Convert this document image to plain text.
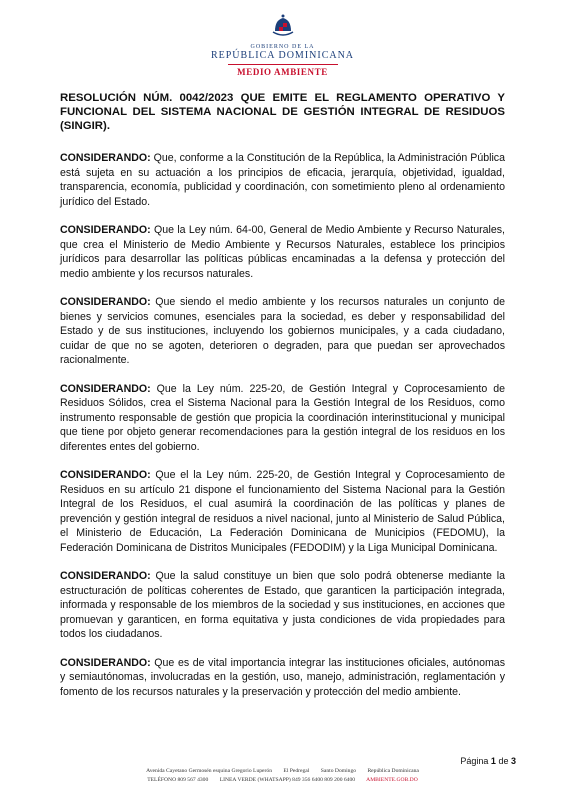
GOBIERNO DE LA
REPÚBLICA DOMINICANA
MEDIO AMBIENTE
RESOLUCIÓN NÚM. 0042/2023 QUE EMITE EL REGLAMENTO OPERATIVO Y FUNCIONAL DEL SISTEMA NACIONAL DE GESTIÓN INTEGRAL DE RESIDUOS (SINGIR).

CONSIDERANDO: Que, conforme a la Constitución de la República, la Administración Pública está sujeta en su actuación a los principios de eficacia, jerarquía, objetividad, igualdad, transparencia, economía, publicidad y coordinación, con sometimiento pleno al ordenamiento jurídico del Estado.

CONSIDERANDO: Que la Ley núm. 64-00, General de Medio Ambiente y Recurso Naturales, que crea el Ministerio de Medio Ambiente y Recursos Naturales, establece los principios jurídicos para desarrollar las políticas públicas encaminadas a la defensa y protección del medio ambiente y los recursos naturales.

CONSIDERANDO: Que siendo el medio ambiente y los recursos naturales un conjunto de bienes y servicios comunes, esenciales para la sociedad, es deber y responsabilidad del Estado y de sus instituciones, incluyendo los gobiernos municipales, y a cada ciudadano, cuidar de que no se agoten, deterioren o degraden, para que puedan ser aprovechados racionalmente.

CONSIDERANDO: Que la Ley núm. 225-20, de Gestión Integral y Coprocesamiento de Residuos Sólidos, crea el Sistema Nacional para la Gestión Integral de los Residuos, como instrumento responsable de gestión que propicia la coordinación interinstitucional y municipal que tiene por objeto generar recomendaciones para la gestión integral de los residuos en los diferentes entes del gobierno.

CONSIDERANDO: Que el la Ley núm. 225-20, de Gestión Integral y Coprocesamiento de Residuos en su artículo 21 dispone el funcionamiento del Sistema Nacional para la Gestión Integral de los Residuos, el cual asumirá la coordinación de las políticas y planes de prevención y gestión integral de residuos a nivel nacional, junto al Ministerio de Salud Pública, el Ministerio de Educación, La Federación Dominicana de Municipios (FEDOMU), la Federación Dominicana de Distritos Municipales (FEDODIM) y la Liga Municipal Dominicana.

CONSIDERANDO: Que la salud constituye un bien que solo podrá obtenerse mediante la estructuración de políticas coherentes de Estado, que garanticen la participación integrada, informada y responsable de los miembros de la sociedad y sus instituciones, en acciones que promuevan y garanticen, en forma equitativa y justa condiciones de vida propiedades para todos los ciudadanos.

CONSIDERANDO: Que es de vital importancia integrar las instituciones oficiales, autónomas y semiautónomas, involucradas en la gestión, uso, manejo, administración, reglamentación y fomento de los recursos naturales y la preservación y protección del medio ambiente.

Página 1 de 3
Avenida Cayetano Germosén esquina Gregorio Luperón El Pedregal Santo Domingo República Dominicana
TELÉFONO 809 567 4300 LINEA VERDE (WHATSAPP) 849 356 6400 809 200 6400 AMBIENTE.GOB.DO
